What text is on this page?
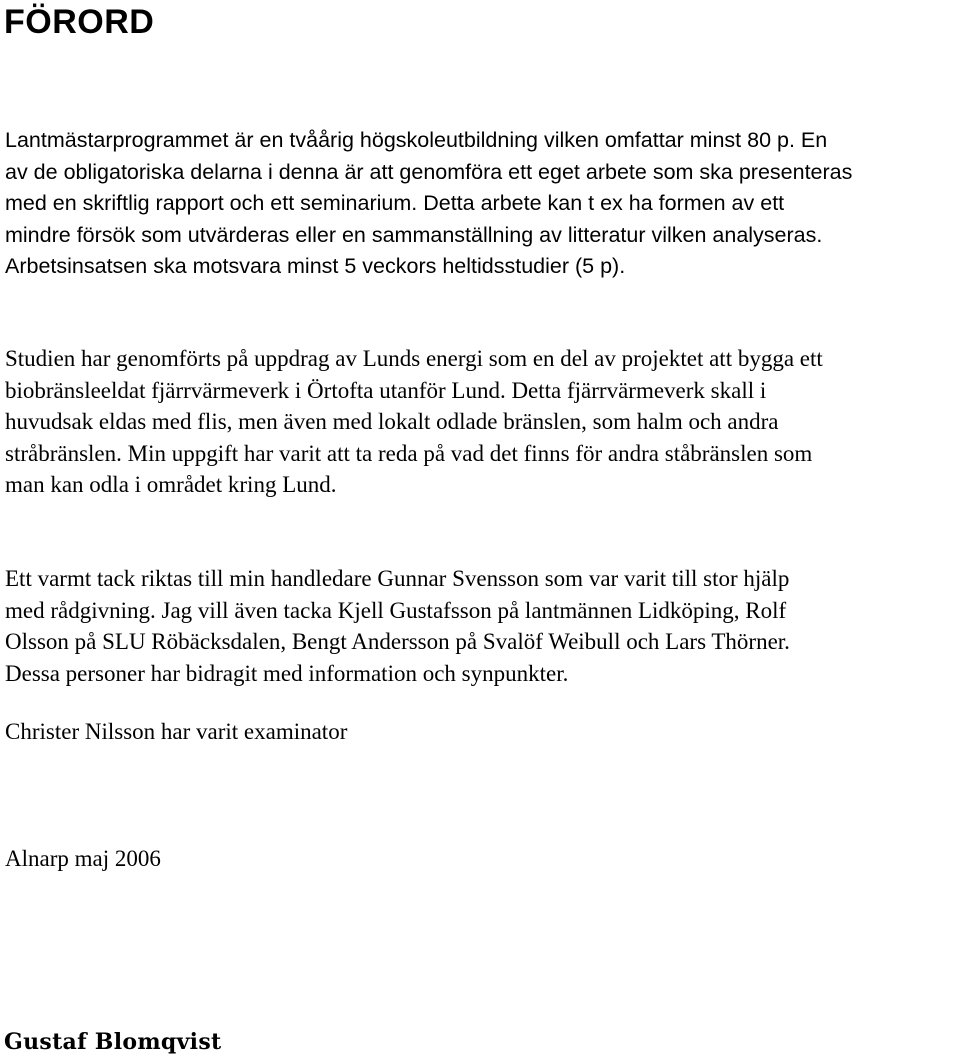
FÖRORD

Lantmästarprogrammet är en tvåårig högskoleutbildning vilken omfattar minst 80 p. En
av de obligatoriska delarna i denna är att genomföra ett eget arbete som ska presenteras
med en skriftlig rapport och ett seminarium. Detta arbete kan t ex ha formen av ett
mindre försök som utvärderas eller en sammanställning av litteratur vilken analyseras.
Arbetsinsatsen ska motsvara minst 5 veckors heltidsstudier (5 p).

Studien har genomförts på uppdrag av Lunds energi som en del av projektet att bygga ett
biobränsleeldat fjärrvärmeverk i Örtofta utanför Lund. Detta fjärrvärmeverk skall i
huvudsak eldas med flis, men även med lokalt odlade bränslen, som halm och andra
stråbränslen. Min uppgift har varit att ta reda på vad det finns för andra ståbränslen som
man kan odla i området kring Lund.

Ett varmt tack riktas till min handledare Gunnar Svensson som var varit till stor hjälp
med rådgivning. Jag vill även tacka Kjell Gustafsson på lantmännen Lidköping, Rolf
Olsson på SLU Röbäcksdalen, Bengt Andersson på Svalöf Weibull och Lars Thörner.
Dessa personer har bidragit med information och synpunkter.

Christer Nilsson har varit examinator

Alnarp maj 2006

Gustaf Blomqvist
